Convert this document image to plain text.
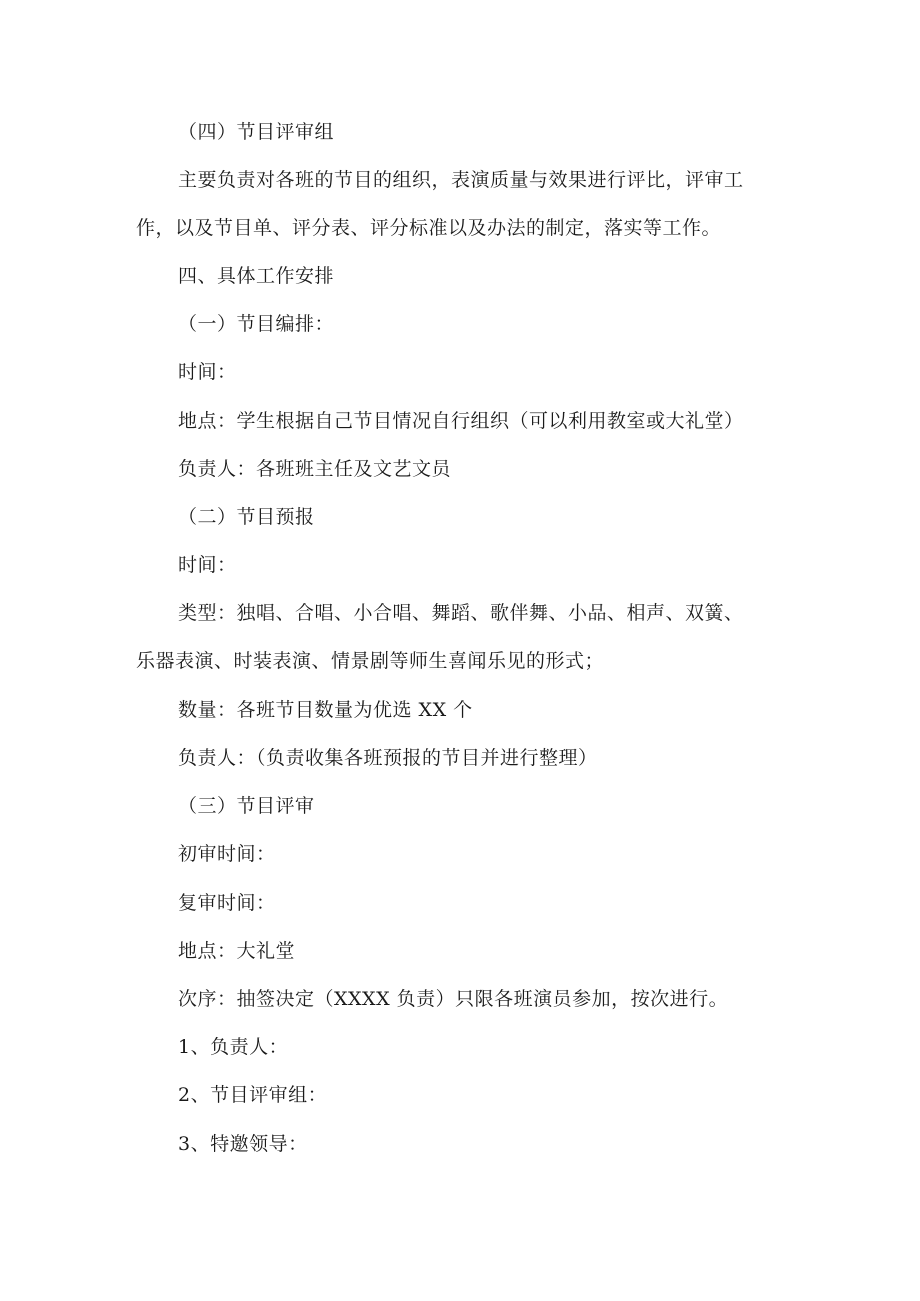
（四）节目评审组
主要负责对各班的节目的组织，表演质量与效果进行评比，评审工
作，以及节目单、评分表、评分标准以及办法的制定，落实等工作。
四、具体工作安排
（一）节目编排：
时间：
地点：学生根据自己节目情况自行组织（可以利用教室或大礼堂）
负责人：各班班主任及文艺文员
（二）节目预报
时间：
类型：独唱、合唱、小合唱、舞蹈、歌伴舞、小品、相声、双簧、
乐器表演、时装表演、情景剧等师生喜闻乐见的形式；
数量：各班节目数量为优选 XX 个
负责人：（负责收集各班预报的节目并进行整理）
（三）节目评审
初审时间：
复审时间：
地点：大礼堂
次序：抽签决定（XXXX 负责）只限各班演员参加，按次进行。
1、负责人：
2、节目评审组：
3、特邀领导：
